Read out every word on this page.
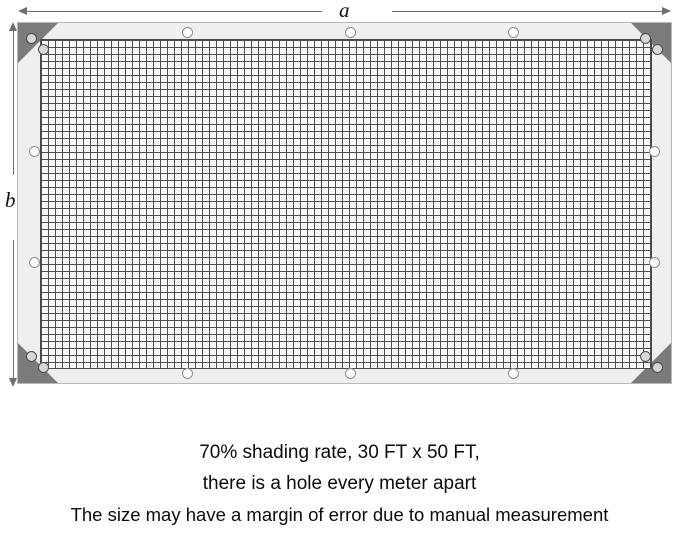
a
b
70% shading rate, 30 FT x 50 FT,
there is a hole every meter apart
The size may have a margin of error due to manual measurement
